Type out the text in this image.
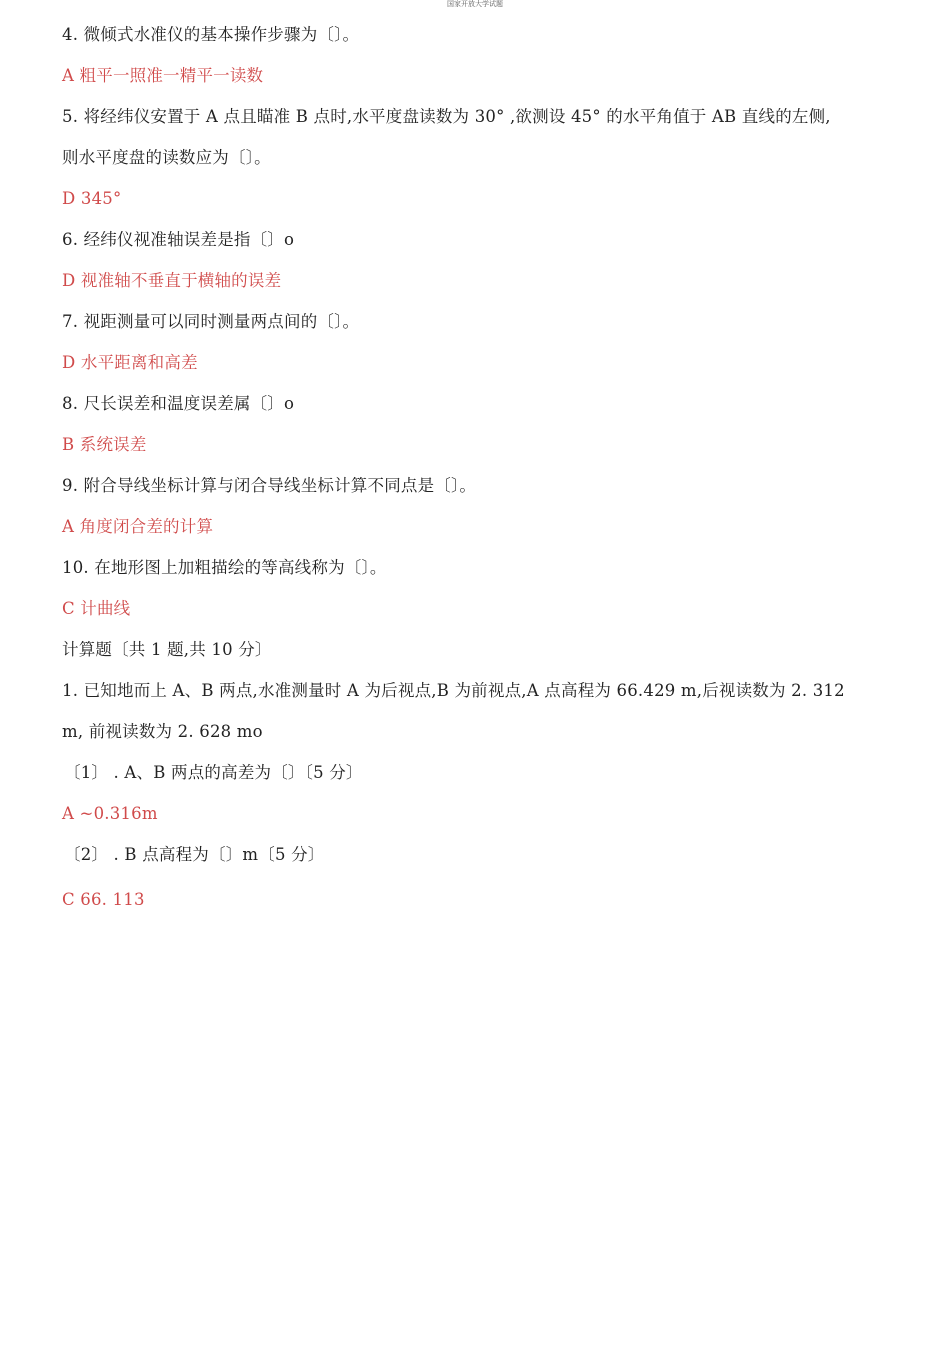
国家开放大学试题
4. 微倾式水准仪的基本操作步骤为〔〕。
A 粗平一照准一精平一读数
5. 将经纬仪安置于 A 点且瞄准 B 点时,水平度盘读数为 30° ,欲测设 45° 的水平角值于 AB 直线的左侧,
则水平度盘的读数应为〔〕。
D 345°
6. 经纬仪视准轴误差是指〔〕o
D 视准轴不垂直于横轴的误差
7. 视距测量可以同时测量两点间的〔〕。
D 水平距离和高差
8. 尺长误差和温度误差属〔〕o
B 系统误差
9. 附合导线坐标计算与闭合导线坐标计算不同点是〔〕。
A 角度闭合差的计算
10. 在地形图上加粗描绘的等高线称为〔〕。
C 计曲线
计算题〔共 1 题,共 10 分〕
1. 已知地而上 A、B 两点,水准测量时 A 为后视点,B 为前视点,A 点高程为 66.429 m,后视读数为 2. 312
m, 前视读数为 2. 628 mo
〔1〕 . A、B 两点的高差为〔〕〔5 分〕
A ~0.316m
〔2〕 . B 点高程为〔〕m〔5 分〕
C 66. 113
